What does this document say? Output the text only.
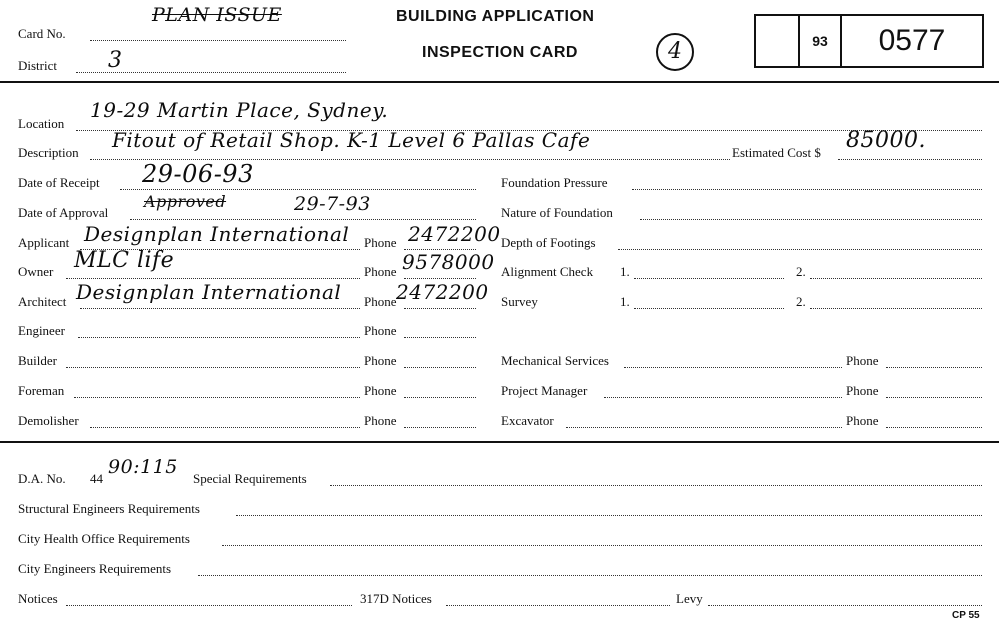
Card No.
PLAN ISSUE
District 3
BUILDING APPLICATION
INSPECTION CARD	4	93	0577
Location
19-29 Martin Place, Sydney.
Description
Fitout of Retail Shop. K-1 Level 6 Pallas Cafe
Estimated Cost $ 85000.
Date of Receipt 29-06-93
Date of Approval
Approved	29-7-93
Applicant Designplan International Phone 2472200
Owner MLC life	Phone 9578000
Architect Designplan International Phone 2472200
Engineer	Phone
Builder	Phone
Foreman	Phone
Demolisher	Phone
Foundation Pressure
Nature of Foundation
Depth of Footings
Alignment Check 1.	2.
Survey	1.	2.
Mechanical Services	Phone
Project Manager	Phone
Excavator	Phone
D.A. No. 44
90:115
Special Requirements
Structural Engineers Requirements
City Health Office Requirements
City Engineers Requirements
Notices	317D Notices	Levy
CP 55
